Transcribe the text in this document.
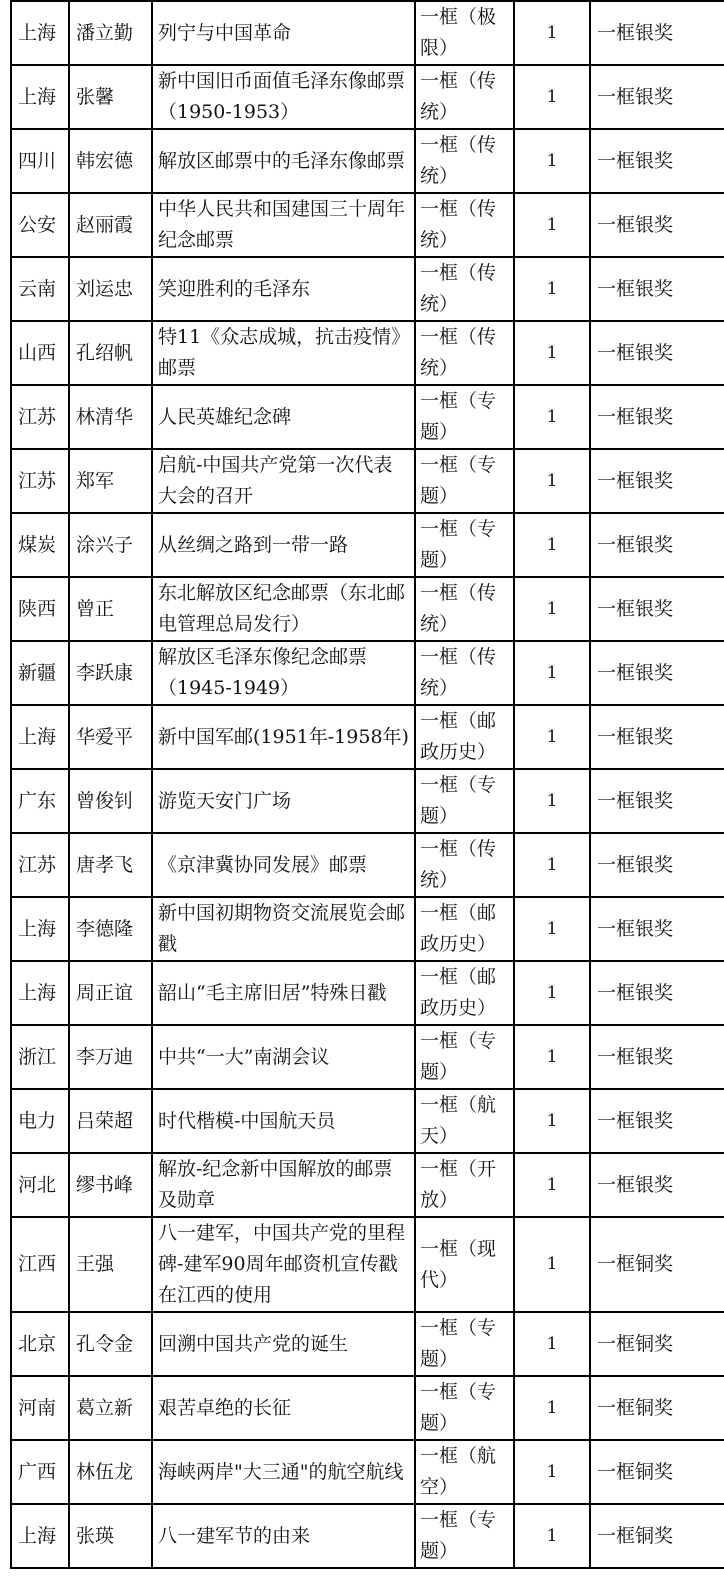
上海	潘立勤	列宁与中国革命	一框（极限）	1	一框银奖
上海	张馨	新中国旧币面值毛泽东像邮票（1950-1953）	一框（传统）	1	一框银奖
四川	韩宏德	解放区邮票中的毛泽东像邮票	一框（传统）	1	一框银奖
公安	赵丽霞	中华人民共和国建国三十周年纪念邮票	一框（传统）	1	一框银奖
云南	刘运忠	笑迎胜利的毛泽东	一框（传统）	1	一框银奖
山西	孔绍帆	特11《众志成城，抗击疫情》邮票	一框（传统）	1	一框银奖
江苏	林清华	人民英雄纪念碑	一框（专题）	1	一框银奖
江苏	郑军	启航-中国共产党第一次代表大会的召开	一框（专题）	1	一框银奖
煤炭	涂兴子	从丝绸之路到一带一路	一框（专题）	1	一框银奖
陕西	曾正	东北解放区纪念邮票（东北邮电管理总局发行）	一框（传统）	1	一框银奖
新疆	李跃康	解放区毛泽东像纪念邮票（1945-1949）	一框（传统）	1	一框银奖
上海	华爱平	新中国军邮(1951年-1958年)	一框（邮政历史）	1	一框银奖
广东	曾俊钊	游览天安门广场	一框（专题）	1	一框银奖
江苏	唐孝飞	《京津冀协同发展》邮票	一框（传统）	1	一框银奖
上海	李德隆	新中国初期物资交流展览会邮戳	一框（邮政历史）	1	一框银奖
上海	周正谊	韶山“毛主席旧居”特殊日戳	一框（邮政历史）	1	一框银奖
浙江	李万迪	中共“一大”南湖会议	一框（专题）	1	一框银奖
电力	吕荣超	时代楷模-中国航天员	一框（航天）	1	一框银奖
河北	缪书峰	解放-纪念新中国解放的邮票及勋章	一框（开放）	1	一框银奖
江西	王强	八一建军，中国共产党的里程碑-建军90周年邮资机宣传戳在江西的使用	一框（现代）	1	一框铜奖
北京	孔令金	回溯中国共产党的诞生	一框（专题）	1	一框铜奖
河南	葛立新	艰苦卓绝的长征	一框（专题）	1	一框铜奖
广西	林伍龙	海峡两岸"大三通"的航空航线	一框（航空）	1	一框铜奖
上海	张瑛	八一建军节的由来	一框（专题）	1	一框铜奖
